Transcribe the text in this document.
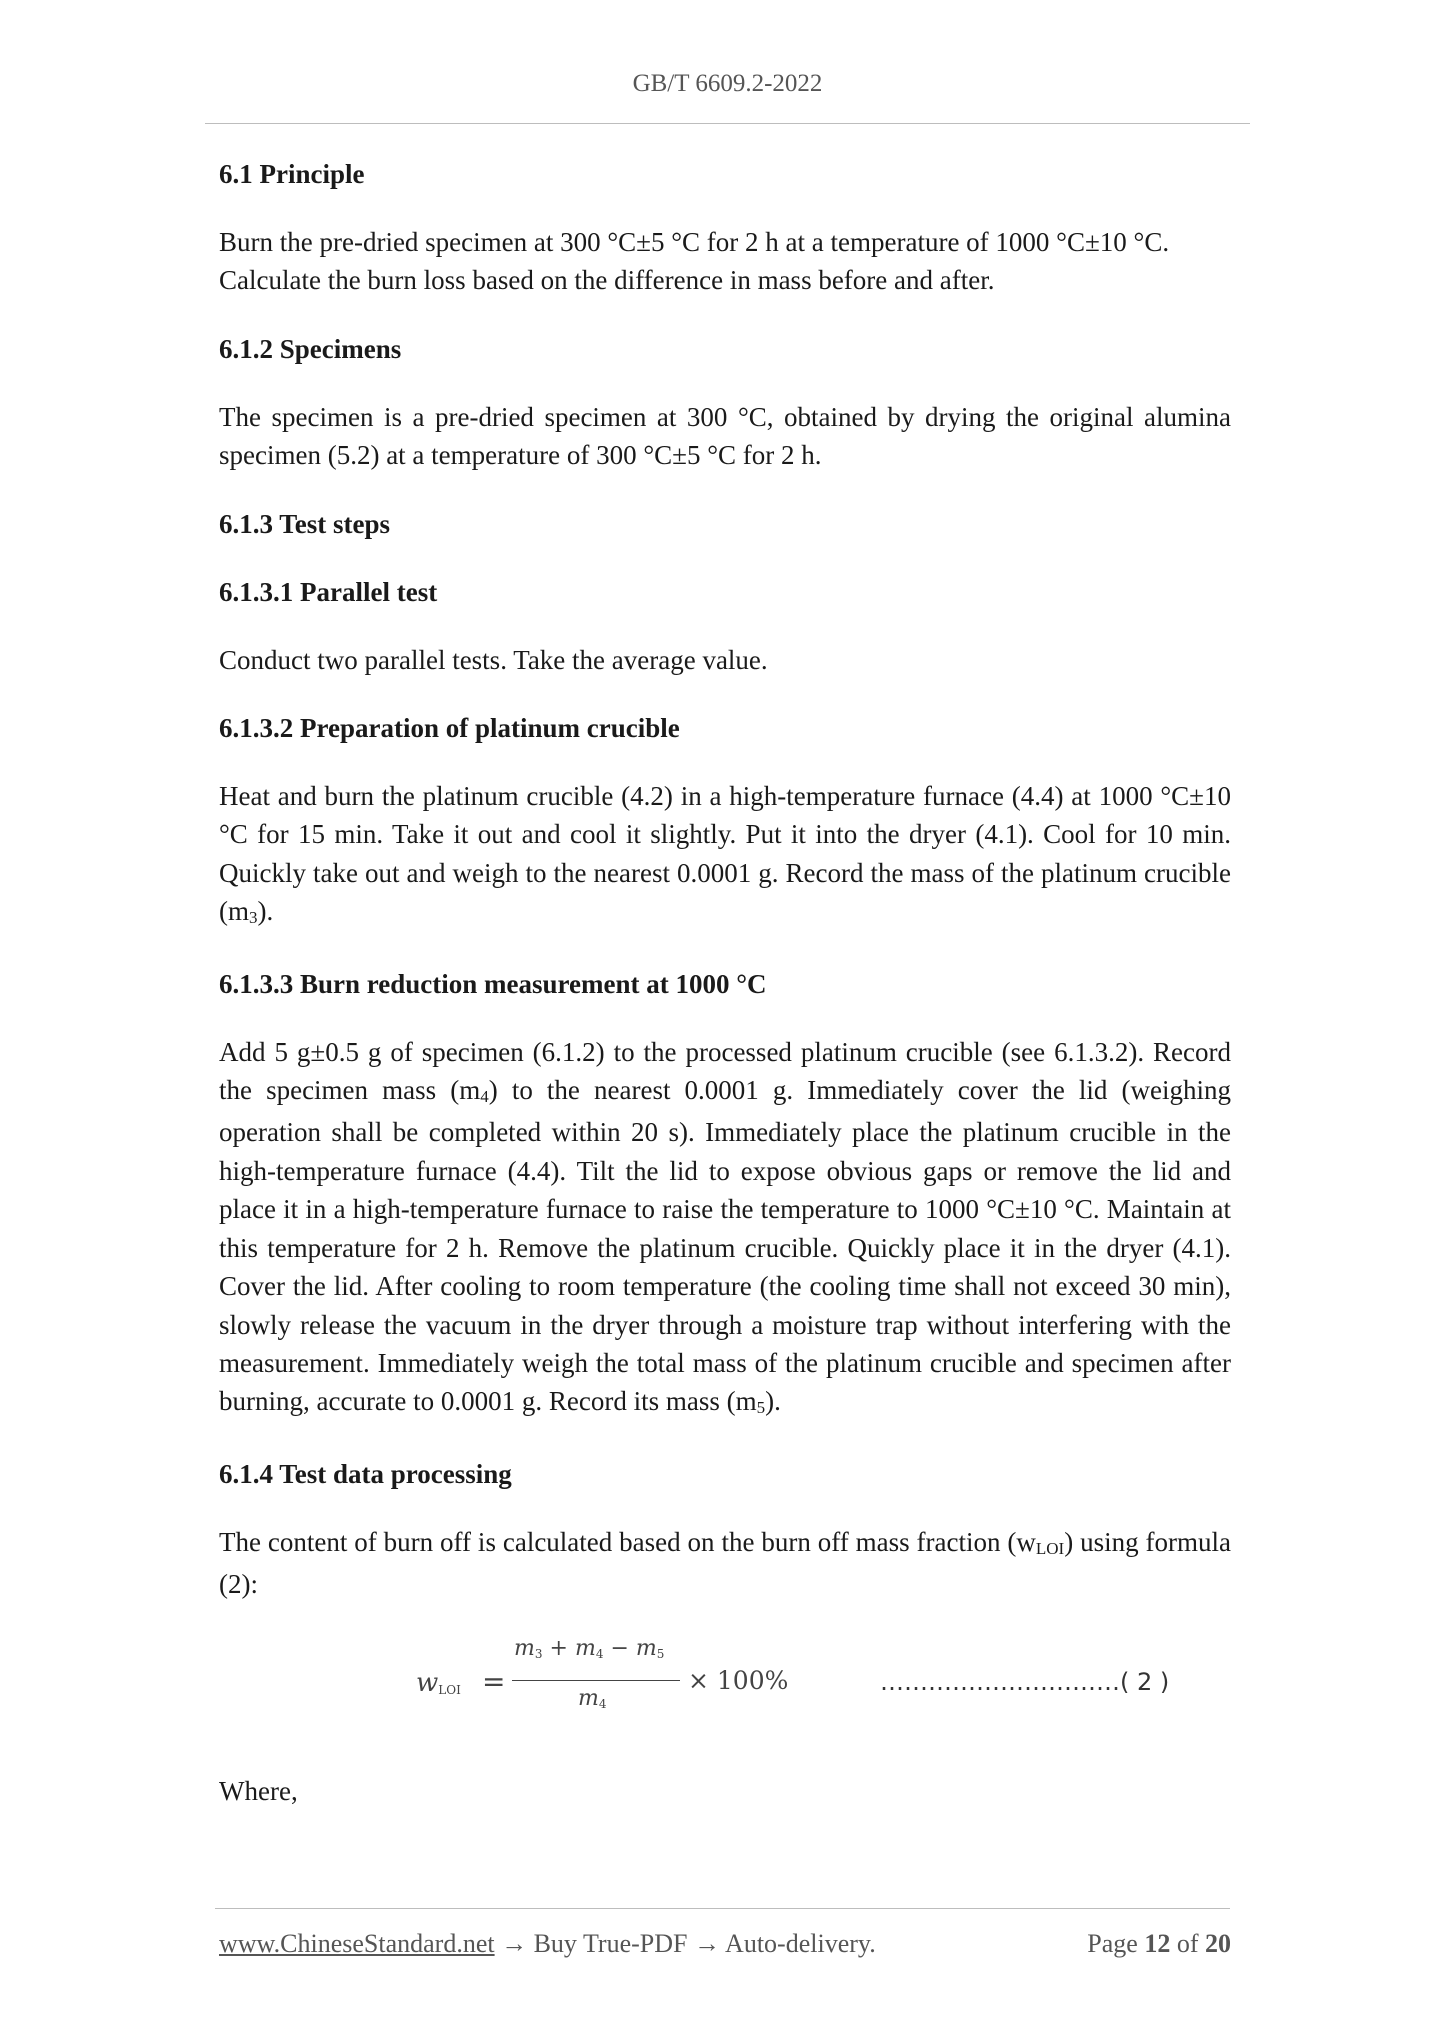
GB/T 6609.2-2022
6.1 Principle
Burn the pre-dried specimen at 300 °C±5 °C for 2 h at a temperature of 1000 °C±10 °C. Calculate the burn loss based on the difference in mass before and after.
6.1.2 Specimens
The specimen is a pre-dried specimen at 300 °C, obtained by drying the original alumina specimen (5.2) at a temperature of 300 °C±5 °C for 2 h.
6.1.3 Test steps
6.1.3.1 Parallel test
Conduct two parallel tests. Take the average value.
6.1.3.2 Preparation of platinum crucible
Heat and burn the platinum crucible (4.2) in a high-temperature furnace (4.4) at 1000 °C±10 °C for 15 min. Take it out and cool it slightly. Put it into the dryer (4.1). Cool for 10 min. Quickly take out and weigh to the nearest 0.0001 g. Record the mass of the platinum crucible $(m_3)$.
6.1.3.3 Burn reduction measurement at 1000 °C
Add 5 g±0.5 g of specimen (6.1.2) to the processed platinum crucible (see 6.1.3.2). Record the specimen mass $(m_4)$ to the nearest 0.0001 g. Immediately cover the lid (weighing operation shall be completed within 20 s). Immediately place the platinum crucible in the high-temperature furnace (4.4). Tilt the lid to expose obvious gaps or remove the lid and place it in a high-temperature furnace to raise the temperature to 1000 °C±10 °C. Maintain at this temperature for 2 h. Remove the platinum crucible. Quickly place it in the dryer (4.1). Cover the lid. After cooling to room temperature (the cooling time shall not exceed 30 min), slowly release the vacuum in the dryer through a moisture trap without interfering with the measurement. Immediately weigh the total mass of the platinum crucible and specimen after burning, accurate to 0.0001 g. Record its mass $(m_5)$.
6.1.4 Test data processing
The content of burn off is calculated based on the burn off mass fraction $(w_{LOI})$ using formula (2):
$w_{LOI}$ =
$m_3 + m_4 - m_5$
$m_4$
× 100%	…………………………( 2 )
Where,
www.ChineseStandard.net → Buy True-PDF → Auto-delivery.	Page 12 of 20
